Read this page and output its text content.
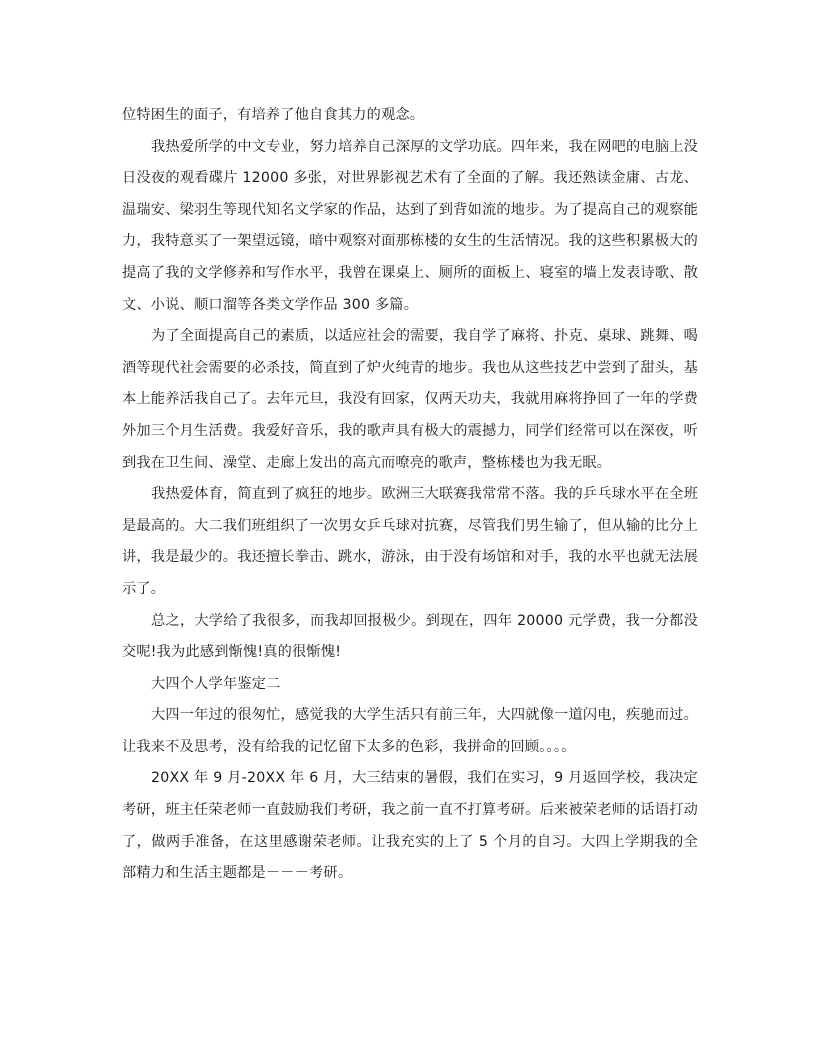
位特困生的面子，有培养了他自食其力的观念。

我热爱所学的中文专业，努力培养自己深厚的文学功底。四年来，我在网吧的电脑上没日没夜的观看碟片 12000 多张，对世界影视艺术有了全面的了解。我还熟读金庸、古龙、温瑞安、梁羽生等现代知名文学家的作品，达到了到背如流的地步。为了提高自己的观察能力，我特意买了一架望远镜，暗中观察对面那栋楼的女生的生活情况。我的这些积累极大的提高了我的文学修养和写作水平，我曾在课桌上、厕所的面板上、寝室的墙上发表诗歌、散文、小说、顺口溜等各类文学作品 300 多篇。

为了全面提高自己的素质，以适应社会的需要，我自学了麻将、扑克、桌球、跳舞、喝酒等现代社会需要的必杀技，简直到了炉火纯青的地步。我也从这些技艺中尝到了甜头，基本上能养活我自己了。去年元旦，我没有回家，仅两天功夫，我就用麻将挣回了一年的学费外加三个月生活费。我爱好音乐，我的歌声具有极大的震撼力，同学们经常可以在深夜，听到我在卫生间、澡堂、走廊上发出的高亢而嘹亮的歌声，整栋楼也为我无眠。

我热爱体育，简直到了疯狂的地步。欧洲三大联赛我常常不落。我的乒乓球水平在全班是最高的。大二我们班组织了一次男女乒乓球对抗赛，尽管我们男生输了，但从输的比分上讲，我是最少的。我还擅长拳击、跳水，游泳，由于没有场馆和对手，我的水平也就无法展 示了。

总之，大学给了我很多，而我却回报极少。到现在，四年 20000 元学费，我一分都没交呢!我为此感到惭愧!真的很惭愧!

大四个人学年鉴定二

大四一年过的很匆忙，感觉我的大学生活只有前三年，大四就像一道闪电，疾驰而过。让我来不及思考，没有给我的记忆留下太多的色彩，我拼命的回顾。。。。

20XX 年 9 月-20XX 年 6 月，大三结束的暑假，我们在实习，9 月返回学校，我决定考研，班主任荣老师一直鼓励我们考研，我之前一直不打算考研。后来被荣老师的话语打动了，做两手准备，在这里感谢荣老师。让我充实的上了 5 个月的自习。大四上学期我的全部精力和生活主题都是－－－考研。
